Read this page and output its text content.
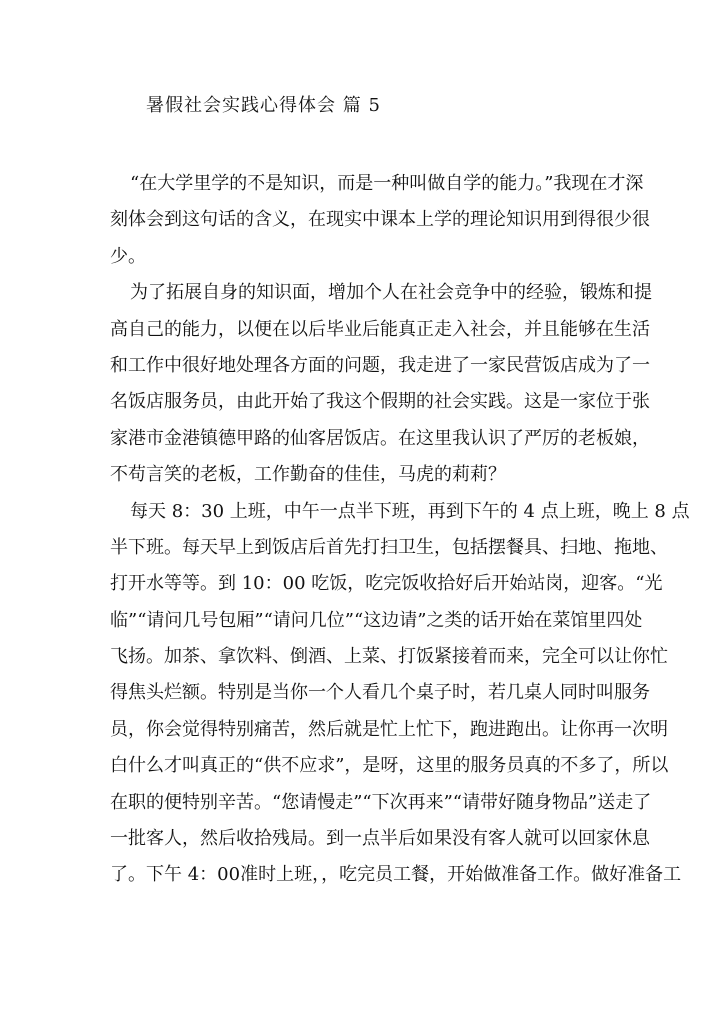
暑假社会实践心得体会 篇 5
“在大学里学的不是知识，而是一种叫做自学的能力。”我现在才深
刻体会到这句话的含义，在现实中课本上学的理论知识用到得很少很
少。
为了拓展自身的知识面，增加个人在社会竞争中的经验，锻炼和提
高自己的能力，以便在以后毕业后能真正走入社会，并且能够在生活
和工作中很好地处理各方面的问题，我走进了一家民营饭店成为了一
名饭店服务员，由此开始了我这个假期的社会实践。这是一家位于张
家港市金港镇德甲路的仙客居饭店。在这里我认识了严厉的老板娘，
不苟言笑的老板，工作勤奋的佳佳，马虎的莉莉？
每天 8：30 上班，中午一点半下班，再到下午的 4 点上班，晚上 8 点
半下班。每天早上到饭店后首先打扫卫生，包括摆餐具、扫地、拖地、
打开水等等。到 10：00 吃饭，吃完饭收拾好后开始站岗，迎客。“光
临”“请问几号包厢”“请问几位”“这边请”之类的话开始在菜馆里四处
飞扬。加茶、拿饮料、倒酒、上菜、打饭紧接着而来，完全可以让你忙
得焦头烂额。特别是当你一个人看几个桌子时，若几桌人同时叫服务
员，你会觉得特别痛苦，然后就是忙上忙下，跑进跑出。让你再一次明
白什么才叫真正的“供不应求”，是呀，这里的服务员真的不多了，所以
在职的便特别辛苦。“您请慢走”“下次再来”“请带好随身物品”送走了
一批客人，然后收拾残局。到一点半后如果没有客人就可以回家休息
了。下午 4：00准时上班，，吃完员工餐，开始做准备工作。做好准备工
